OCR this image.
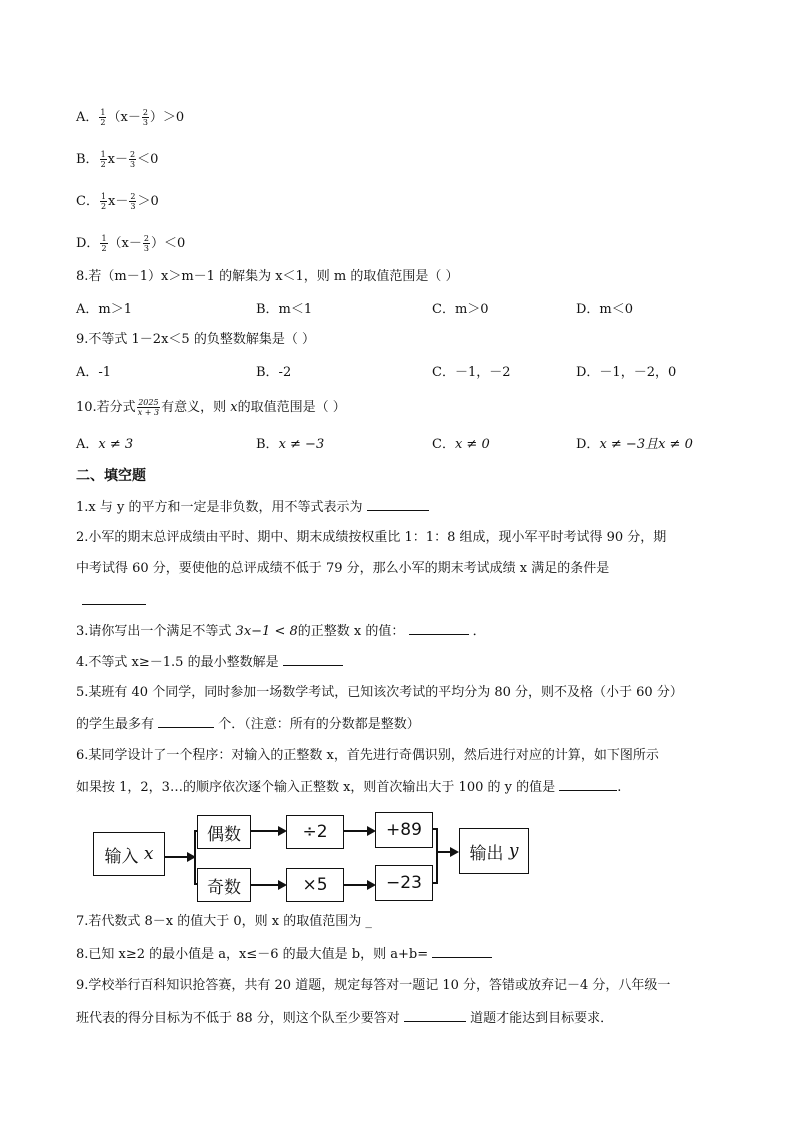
A． $\frac{1}{2} (x- \frac{2}{3} )>0$
B． $\frac{1}{2} x- \frac{2}{3} <0$
C． $\frac{1}{2} x- \frac{2}{3} >0$
D． $\frac{1}{2} (x- \frac{2}{3} )<0$
8.若（m－1）x＞m－1 的解集为 x＜1，则 m 的取值范围是（ ）
A．m＞1	B．m＜1	C．m＞0	D．m＜0
9.不等式 1－2x＜5 的负整数解集是（ ）
A．-1	B．-2	C．－1，－2	D．－1，－2，0
10.若分式 $\frac{2025}{x + 3}$ 有意义，则 x的取值范围是（ ）
A．x ≠ 3	B．x ≠ −3	C．x ≠ 0	D．x ≠ −3且x ≠ 0
二、填空题
1.x 与 y 的平方和一定是非负数，用不等式表示为
2.小军的期末总评成绩由平时、期中、期末成绩按权重比 1：1：8 组成，现小军平时考试得 90 分，期
中考试得 60 分，要使他的总评成绩不低于 79 分，那么小军的期末考试成绩 x 满足的条件是
3.请你写出一个满足不等式 3x−1 < 8的正整数 x 的值：	．
4.不等式 x≥－1.5 的最小整数解是
5.某班有 40 个同学，同时参加一场数学考试，已知该次考试的平均分为 80 分，则不及格（小于 60 分）
的学生最多有	个．（注意：所有的分数都是整数）
6.某同学设计了一个程序：对输入的正整数 x，首先进行奇偶识别，然后进行对应的计算，如下图所示
如果按 1，2，3…的顺序依次逐个输入正整数 x，则首次输出大于 100 的 y 的值是	.
输入
x
偶数
奇数
÷2
×5
+89
−23
输出
y
7.若代数式 8－x 的值大于 0，则 x 的取值范围为 _
8.已知 x≥2 的最小值是 a，x≤－6 的最大值是 b，则 a+b=
9.学校举行百科知识抢答赛，共有 20 道题，规定每答对一题记 10 分，答错或放弃记－4 分，八年级一
班代表的得分目标为不低于 88 分，则这个队至少要答对	道题才能达到目标要求．
